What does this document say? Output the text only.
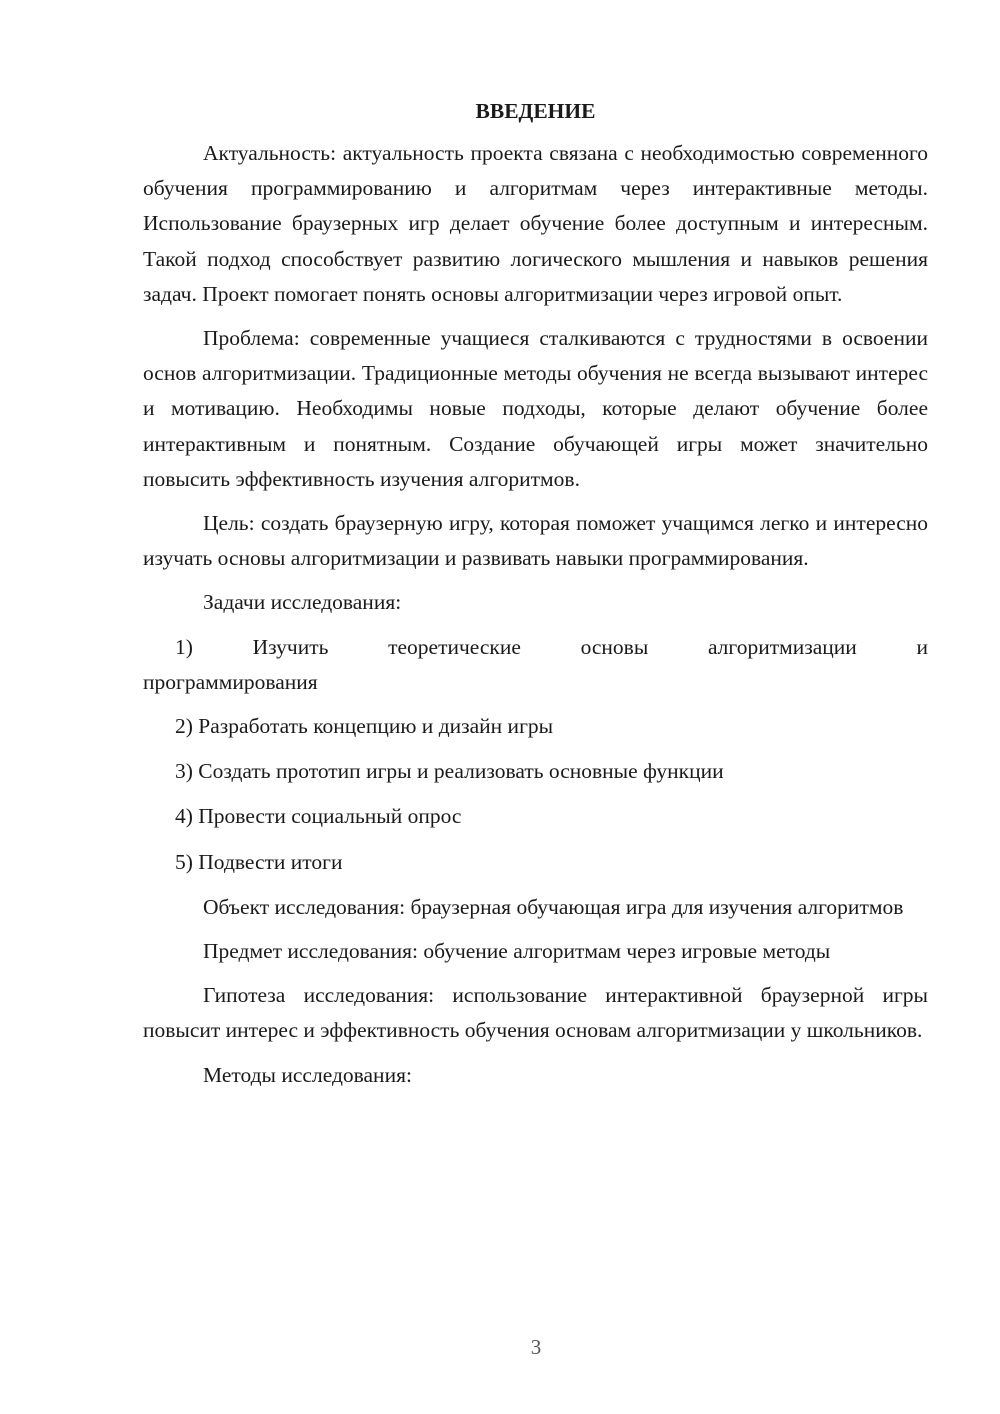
ВВЕДЕНИЕ

Актуальность: актуальность проекта связана с необходимостью современного обучения программированию и алгоритмам через интерактивные методы. Использование браузерных игр делает обучение более доступным и интересным. Такой подход способствует развитию логического мышления и навыков решения задач. Проект помогает понять основы алгоритмизации через игровой опыт.

Проблема: современные учащиеся сталкиваются с трудностями в освоении основ алгоритмизации. Традиционные методы обучения не всегда вызывают интерес и мотивацию. Необходимы новые подходы, которые делают обучение более интерактивным и понятным. Создание обучающей игры может значительно повысить эффективность изучения алгоритмов.

Цель: создать браузерную игру, которая поможет учащимся легко и интересно изучать основы алгоритмизации и развивать навыки программирования.

Задачи исследования:

1)	Изучить	теоретические	основы	алгоритмизации	и
программирования
2) Разработать концепцию и дизайн игры
3) Создать прототип игры и реализовать основные функции
4) Провести социальный опрос
5) Подвести итоги

Объект исследования: браузерная обучающая игра для изучения алгоритмов

Предмет исследования: обучение алгоритмам через игровые методы

Гипотеза исследования: использование интерактивной браузерной игры повысит интерес и эффективность обучения основам алгоритмизации у школьников.

Методы исследования:

3
